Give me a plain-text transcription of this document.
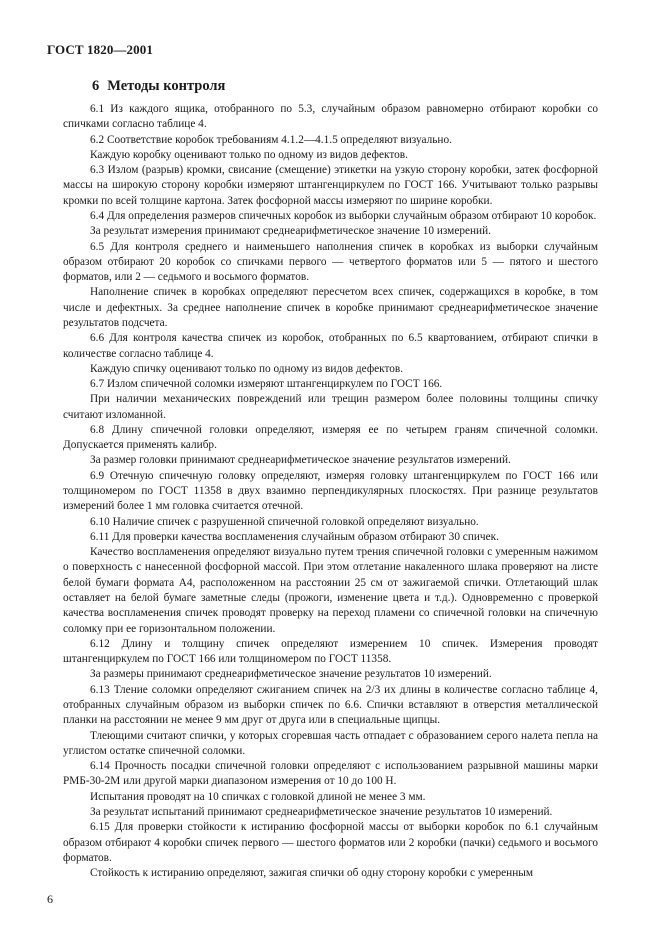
ГОСТ 1820—2001
6 Методы контроля

6.1 Из каждого ящика, отобранного по 5.3, случайным образом равномерно отбирают коробки со спичками согласно таблице 4.

6.2 Соответствие коробок требованиям 4.1.2—4.1.5 определяют визуально.

Каждую коробку оценивают только по одному из видов дефектов.

6.3 Излом (разрыв) кромки, свисание (смещение) этикетки на узкую сторону коробки, затек фосфорной массы на широкую сторону коробки измеряют штангенциркулем по ГОСТ 166. Учитывают только разрывы кромки по всей толщине картона. Затек фосфорной массы измеряют по ширине коробки.

6.4 Для определения размеров спичечных коробок из выборки случайным образом отбирают 10 коробок.

За результат измерения принимают среднеарифметическое значение 10 измерений.

6.5 Для контроля среднего и наименьшего наполнения спичек в коробках из выборки случайным образом отбирают 20 коробок со спичками первого — четвертого форматов или 5 — пятого и шестого форматов, или 2 — седьмого и восьмого форматов.

Наполнение спичек в коробках определяют пересчетом всех спичек, содержащихся в коробке, в том числе и дефектных. За среднее наполнение спичек в коробке принимают среднеарифметическое значение результатов подсчета.

6.6 Для контроля качества спичек из коробок, отобранных по 6.5 квартованием, отбирают спички в количестве согласно таблице 4.

Каждую спичку оценивают только по одному из видов дефектов.

6.7 Излом спичечной соломки измеряют штангенциркулем по ГОСТ 166.

При наличии механических повреждений или трещин размером более половины толщины спичку считают изломанной.

6.8 Длину спичечной головки определяют, измеряя ее по четырем граням спичечной соломки. Допускается применять калибр.

За размер головки принимают среднеарифметическое значение результатов измерений.

6.9 Отечную спичечную головку определяют, измеряя головку штангенциркулем по ГОСТ 166 или толщиномером по ГОСТ 11358 в двух взаимно перпендикулярных плоскостях. При разнице результатов измерений более 1 мм головка считается отечной.

6.10 Наличие спичек с разрушенной спичечной головкой определяют визуально.

6.11 Для проверки качества воспламенения случайным образом отбирают 30 спичек.

Качество воспламенения определяют визуально путем трения спичечной головки с умеренным нажимом о поверхность с нанесенной фосфорной массой. При этом отлетание накаленного шлака проверяют на листе белой бумаги формата А4, расположенном на расстоянии 25 см от зажигаемой спички. Отлетающий шлак оставляет на белой бумаге заметные следы (прожоги, изменение цвета и т.д.). Одновременно с проверкой качества воспламенения спичек проводят проверку на переход пламени со спичечной головки на спичечную соломку при ее горизонтальном положении.

6.12 Длину и толщину спичек определяют измерением 10 спичек. Измерения проводят штангенциркулем по ГОСТ 166 или толщиномером по ГОСТ 11358.

За размеры принимают среднеарифметическое значение результатов 10 измерений.

6.13 Тление соломки определяют сжиганием спичек на 2/3 их длины в количестве согласно таблице 4, отобранных случайным образом из выборки спичек по 6.6. Спички вставляют в отверстия металлической планки на расстоянии не менее 9 мм друг от друга или в специальные щипцы.

Тлеющими считают спички, у которых сгоревшая часть отпадает с образованием серого налета пепла на углистом остатке спичечной соломки.

6.14 Прочность посадки спичечной головки определяют с использованием разрывной машины марки РМБ-30-2М или другой марки диапазоном измерения от 10 до 100 Н.

Испытания проводят на 10 спичках с головкой длиной не менее 3 мм.

За результат испытаний принимают среднеарифметическое значение результатов 10 измерений.

6.15 Для проверки стойкости к истиранию фосфорной массы от выборки коробок по 6.1 случайным образом отбирают 4 коробки спичек первого — шестого форматов или 2 коробки (пачки) седьмого и восьмого форматов.

Стойкость к истиранию определяют, зажигая спички об одну сторону коробки с умеренным

6
